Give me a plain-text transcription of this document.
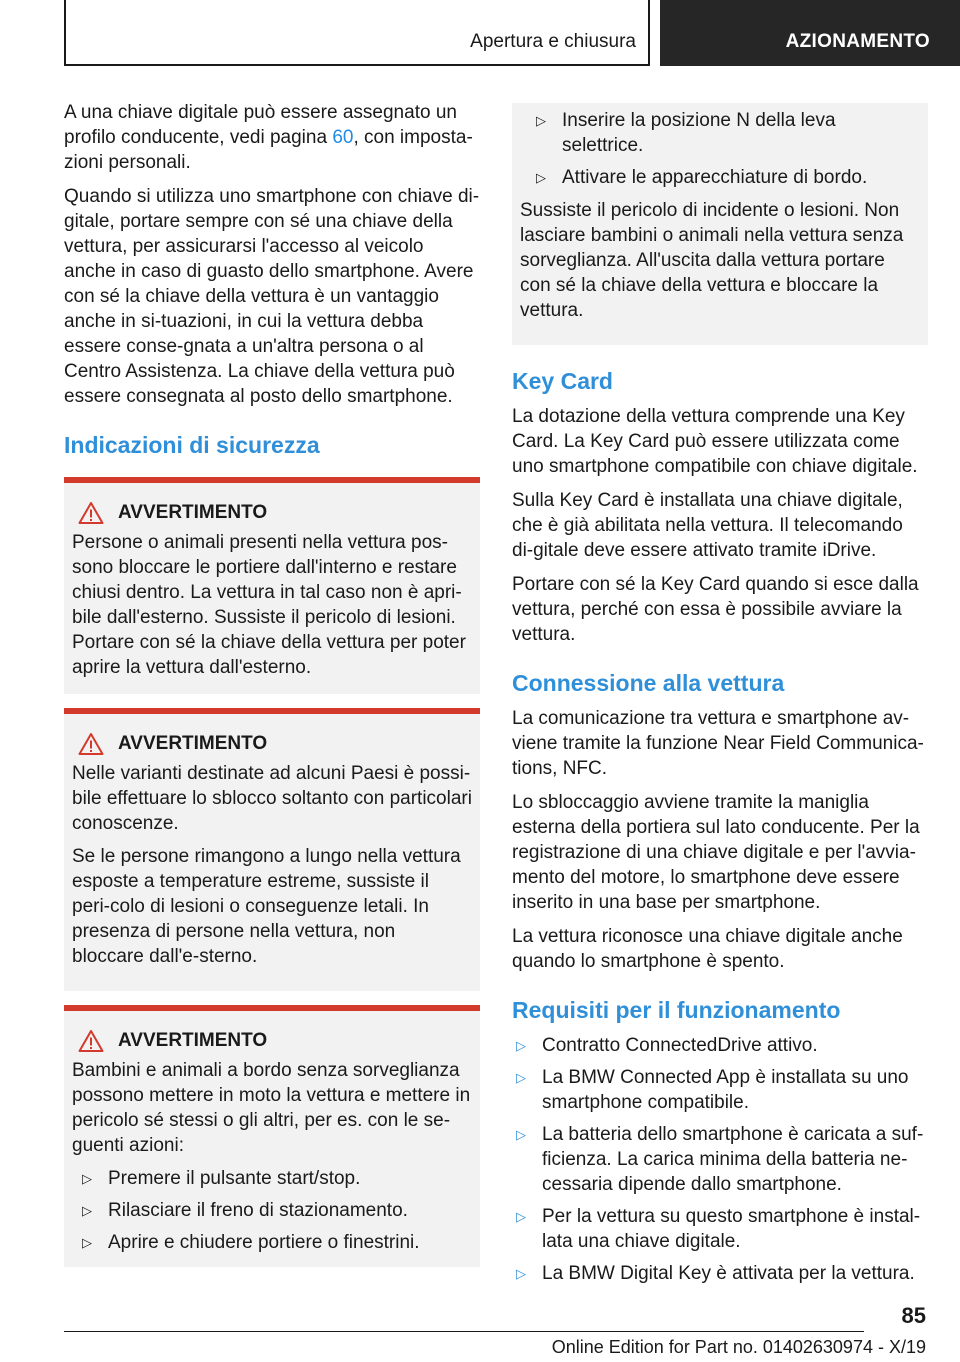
Apertura e chiusura	AZIONAMENTO

A una chiave digitale può essere assegnato un profilo conducente, vedi pagina 60, con imposta-zioni personali.

Quando si utilizza uno smartphone con chiave di-gitale, portare sempre con sé una chiave della vettura, per assicurarsi l'accesso al veicolo anche in caso di guasto dello smartphone. Avere con sé la chiave della vettura è un vantaggio anche in si-tuazioni, in cui la vettura debba essere conse-gnata a un'altra persona o al Centro Assistenza. La chiave della vettura può essere consegnata al posto dello smartphone.

Indicazioni di sicurezza
AVVERTIMENTO

Persone o animali presenti nella vettura pos-sono bloccare le portiere dall'interno e restare chiusi dentro. La vettura in tal caso non è apri-bile dall'esterno. Sussiste il pericolo di lesioni. Portare con sé la chiave della vettura per poter aprire la vettura dall'esterno.

AVVERTIMENTO

Nelle varianti destinate ad alcuni Paesi è possi-bile effettuare lo sblocco soltanto con particolari conoscenze.

Se le persone rimangono a lungo nella vettura esposte a temperature estreme, sussiste il peri-colo di lesioni o conseguenze letali. In presenza di persone nella vettura, non bloccare dall'e-sterno.

AVVERTIMENTO

Bambini e animali a bordo senza sorveglianza possono mettere in moto la vettura e mettere in pericolo sé stessi o gli altri, per es. con le se-guenti azioni:

▷ Premere il pulsante start/stop.
▷ Rilasciare il freno di stazionamento.
▷ Aprire e chiudere portiere o finestrini.
▷ Inserire la posizione N della leva selettrice.
▷ Attivare le apparecchiature di bordo.

Sussiste il pericolo di incidente o lesioni. Non lasciare bambini o animali nella vettura senza sorveglianza. All'uscita dalla vettura portare con sé la chiave della vettura e bloccare la vettura.

Key Card

La dotazione della vettura comprende una Key Card. La Key Card può essere utilizzata come uno smartphone compatibile con chiave digitale.

Sulla Key Card è installata una chiave digitale, che è già abilitata nella vettura. Il telecomando di-gitale deve essere attivato tramite iDrive.

Portare con sé la Key Card quando si esce dalla vettura, perché con essa è possibile avviare la vettura.

Connessione alla vettura

La comunicazione tra vettura e smartphone av-viene tramite la funzione Near Field Communica-tions, NFC.

Lo sbloccaggio avviene tramite la maniglia esterna della portiera sul lato conducente. Per la registrazione di una chiave digitale e per l'avvia-mento del motore, lo smartphone deve essere inserito in una base per smartphone.

La vettura riconosce una chiave digitale anche quando lo smartphone è spento.

Requisiti per il funzionamento
▷ Contratto ConnectedDrive attivo.
▷ La BMW Connected App è installata su uno smartphone compatibile.
▷ La batteria dello smartphone è caricata a suf-ficienza. La carica minima della batteria ne-cessaria dipende dallo smartphone.
▷ Per la vettura su questo smartphone è instal-lata una chiave digitale.
▷ La BMW Digital Key è attivata per la vettura.
85
Online Edition for Part no. 01402630974 - X/19
